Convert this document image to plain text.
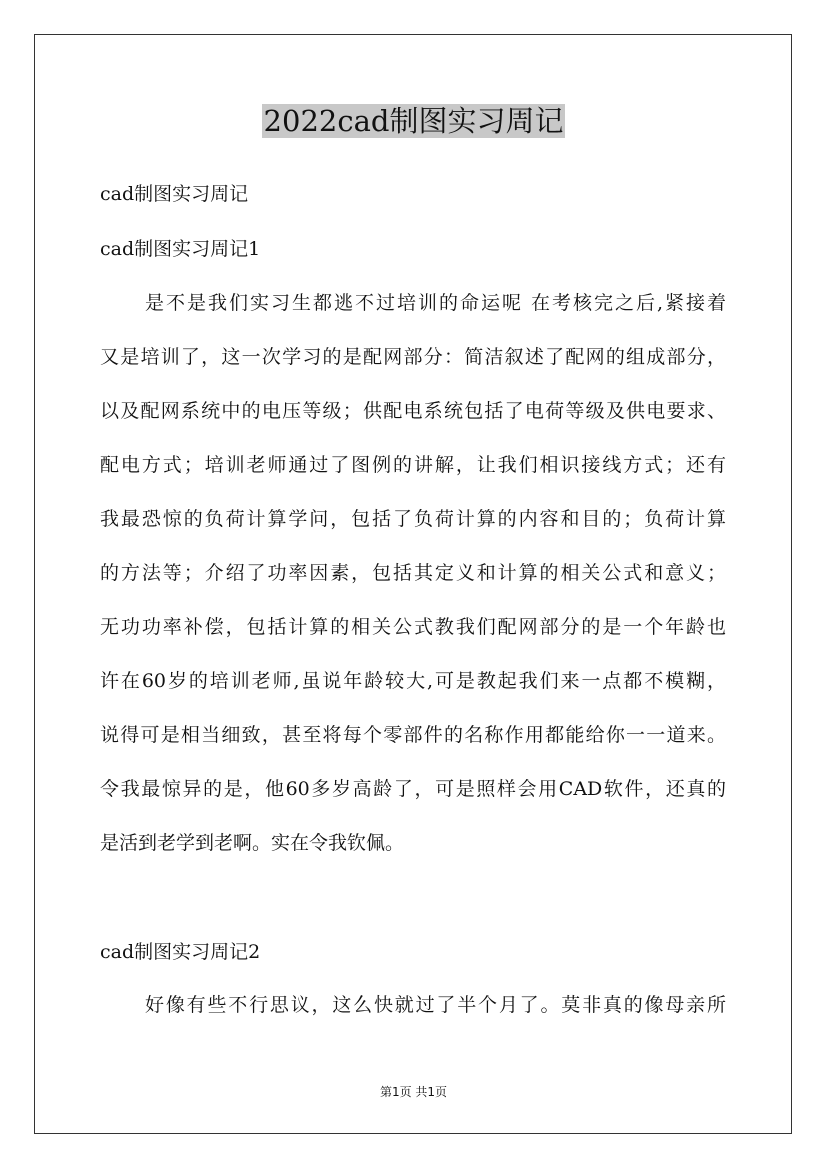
2022cad制图实习周记

cad制图实习周记

cad制图实习周记1

是不是我们实习生都逃不过培训的命运呢 在考核完之后,紧接着

又是培训了，这一次学习的是配网部分：简洁叙述了配网的组成部分，

以及配网系统中的电压等级；供配电系统包括了电荷等级及供电要求、

配电方式；培训老师通过了图例的讲解，让我们相识接线方式；还有

我最恐惊的负荷计算学问，包括了负荷计算的内容和目的；负荷计算

的方法等；介绍了功率因素，包括其定义和计算的相关公式和意义；

无功功率补偿，包括计算的相关公式教我们配网部分的是一个年龄也

许在60岁的培训老师,虽说年龄较大,可是教起我们来一点都不模糊，

说得可是相当细致，甚至将每个零部件的名称作用都能给你一一道来。

令我最惊异的是，他60多岁高龄了，可是照样会用CAD软件，还真的

是活到老学到老啊。实在令我钦佩。

cad制图实习周记2

好像有些不行思议，这么快就过了半个月了。莫非真的像母亲所

第1页 共1页
